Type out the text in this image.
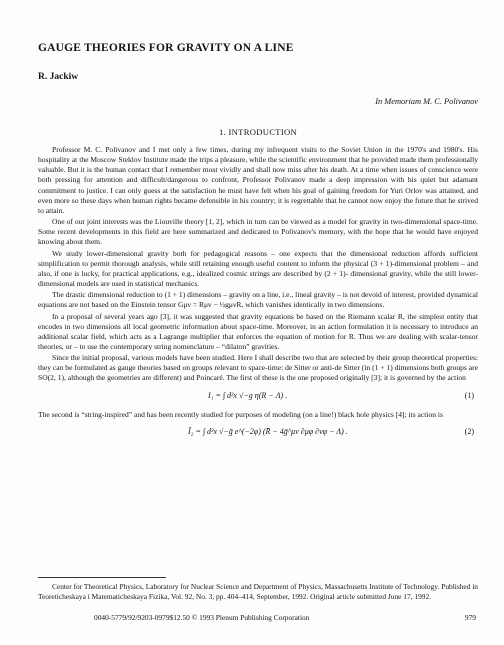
GAUGE THEORIES FOR GRAVITY ON A LINE
R. Jackiw
In Memoriam M. C. Polivanov
1. INTRODUCTION

Professor M. C. Polivanov and I met only a few times, during my infrequent visits to the Soviet Union in the 1970's and 1980's. His hospitality at the Moscow Steklov Institute made the trips a pleasure, while the scientific environment that he provided made them professionally valuable. But it is the human contact that I remember most vividly and shall now miss after his death. At a time when issues of conscience were both pressing for attention and difficult/dangerous to confront, Professor Polivanov made a deep impression with his quiet but adamant commitment to justice. I can only guess at the satisfaction he must have felt when his goal of gaining freedom for Yuri Orlov was attained, and even more so these days when human rights became defensible in his country; it is regrettable that he cannot now enjoy the future that he strived to attain.

One of our joint interests was the Liouville theory [1, 2], which in turn can be viewed as a model for gravity in two-dimensional space-time. Some recent developments in this field are here summarized and dedicated to Polivanov's memory, with the hope that he would have enjoyed knowing about them.

We study lower-dimensional gravity both for pedagogical reasons – one expects that the dimensional reduction affords sufficient simplification to permit thorough analysis, while still retaining enough useful content to inform the physical (3 + 1)-dimensional problem – and also, if one is lucky, for practical applications, e.g., idealized cosmic strings are described by (2 + 1)- dimensional gravity, while the still lower-dimensional models are used in statistical mechanics.

The drastic dimensional reduction to (1 + 1) dimensions – gravity on a line, i.e., lineal gravity – is not devoid of interest, provided dynamical equations are not based on the Einstein tensor Gμν = Rμν − ½gμνR, which vanishes identically in two dimensions.

In a proposal of several years ago [3], it was suggested that gravity equations be based on the Riemann scalar R, the simplest entity that encodes in two dimensions all local geometric information about space-time. Moreover, in an action formulation it is necessary to introduce an additional scalar field, which acts as a Lagrange multiplier that enforces the equation of motion for R. Thus we are dealing with scalar-tensor theories, or – to use the contemporary string nomenclature – “dilaton” gravities.

Since the initial proposal, various models have been studied. Here I shall describe two that are selected by their group theoretical properties: they can be formulated as gauge theories based on groups relevant to space-time: de Sitter or anti-de Sitter (in (1 + 1) dimensions both groups are SO(2, 1), although the geometries are different) and Poincaré. The first of these is the one proposed originally [3]; it is governed by the action

I₁ = ∫ d²x √−g η(R − Λ) .	(1)

The second is “string-inspired” and has been recently studied for purposes of modeling (on a line!) black hole physics [4]; its action is

Ī₂ = ∫ d²x √−ḡ e^(−2φ) (R̄ − 4ḡ^μν ∂μφ ∂νφ − Λ) .	(2)
Center for Theoretical Physics, Laboratory for Nuclear Science and Department of Physics, Massachusetts Institute of Technology. Published in Teoreticheskaya i Matematicheskaya Fizika, Vol. 92, No. 3, pp. 404–414, September, 1992. Original article submitted June 17, 1992.
0040-5779/92/9203-0979$12.50 © 1993 Plenum Publishing Corporation	979
